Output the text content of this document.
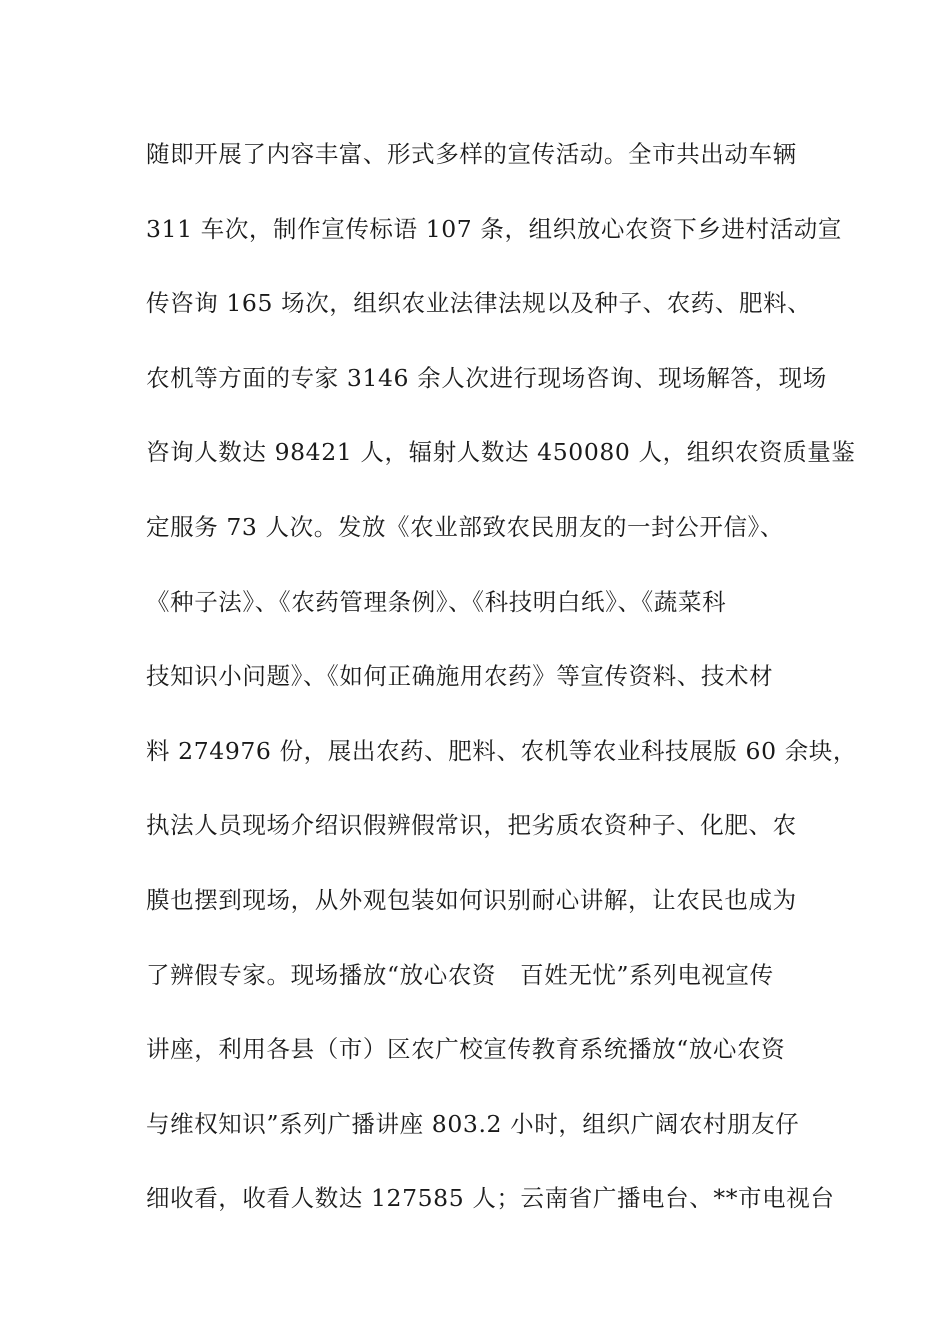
随即开展了内容丰富、形式多样的宣传活动。全市共出动车辆
311 车次，制作宣传标语 107 条，组织放心农资下乡进村活动宣
传咨询 165 场次，组织农业法律法规以及种子、农药、肥料、
农机等方面的专家 3146 余人次进行现场咨询、现场解答，现场
咨询人数达 98421 人，辐射人数达 450080 人，组织农资质量鉴
定服务 73 人次。发放《农业部致农民朋友的一封公开信》、
《种子法》、《农药管理条例》、《科技明白纸》、《蔬菜科
技知识小问题》、《如何正确施用农药》等宣传资料、技术材
料 274976 份，展出农药、肥料、农机等农业科技展版 60 余块，
执法人员现场介绍识假辨假常识，把劣质农资种子、化肥、农
膜也摆到现场，从外观包装如何识别耐心讲解，让农民也成为
了辨假专家。现场播放“放心农资　百姓无忧”系列电视宣传
讲座，利用各县（市）区农广校宣传教育系统播放“放心农资
与维权知识”系列广播讲座 803.2 小时，组织广阔农村朋友仔
细收看，收看人数达 127585 人；云南省广播电台、**市电视台
